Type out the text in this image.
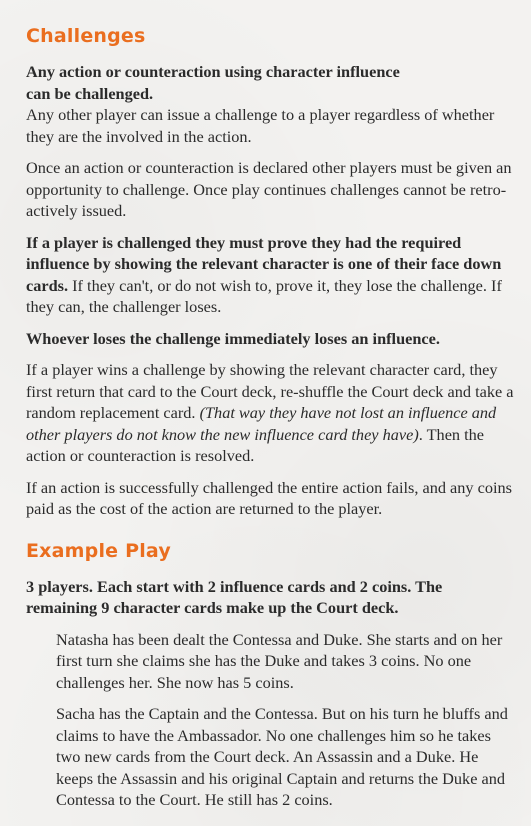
Challenges

Any action or counteraction using character influence
can be challenged.

Any other player can issue a challenge to a player regardless of whether they are the involved in the action.

Once an action or counteraction is declared other players must be given an opportunity to challenge. Once play continues challenges cannot be retro-actively issued.

If a player is challenged they must prove they had the required influence by showing the relevant character is one of their face down cards. If they can't, or do not wish to, prove it, they lose the challenge. If they can, the challenger loses.

Whoever loses the challenge immediately loses an influence.

If a player wins a challenge by showing the relevant character card, they first return that card to the Court deck, re-shuffle the Court deck and take a random replacement card. (That way they have not lost an influence and other players do not know the new influence card they have). Then the action or counteraction is resolved.

If an action is successfully challenged the entire action fails, and any coins paid as the cost of the action are returned to the player.

Example Play

3 players. Each start with 2 influence cards and 2 coins. The remaining 9 character cards make up the Court deck.

Natasha has been dealt the Contessa and Duke. She starts and on her first turn she claims she has the Duke and takes 3 coins. No one challenges her. She now has 5 coins.

Sacha has the Captain and the Contessa. But on his turn he bluffs and claims to have the Ambassador. No one challenges him so he takes two new cards from the Court deck. An Assassin and a Duke. He keeps the Assassin and his original Captain and returns the Duke and Contessa to the Court. He still has 2 coins.
